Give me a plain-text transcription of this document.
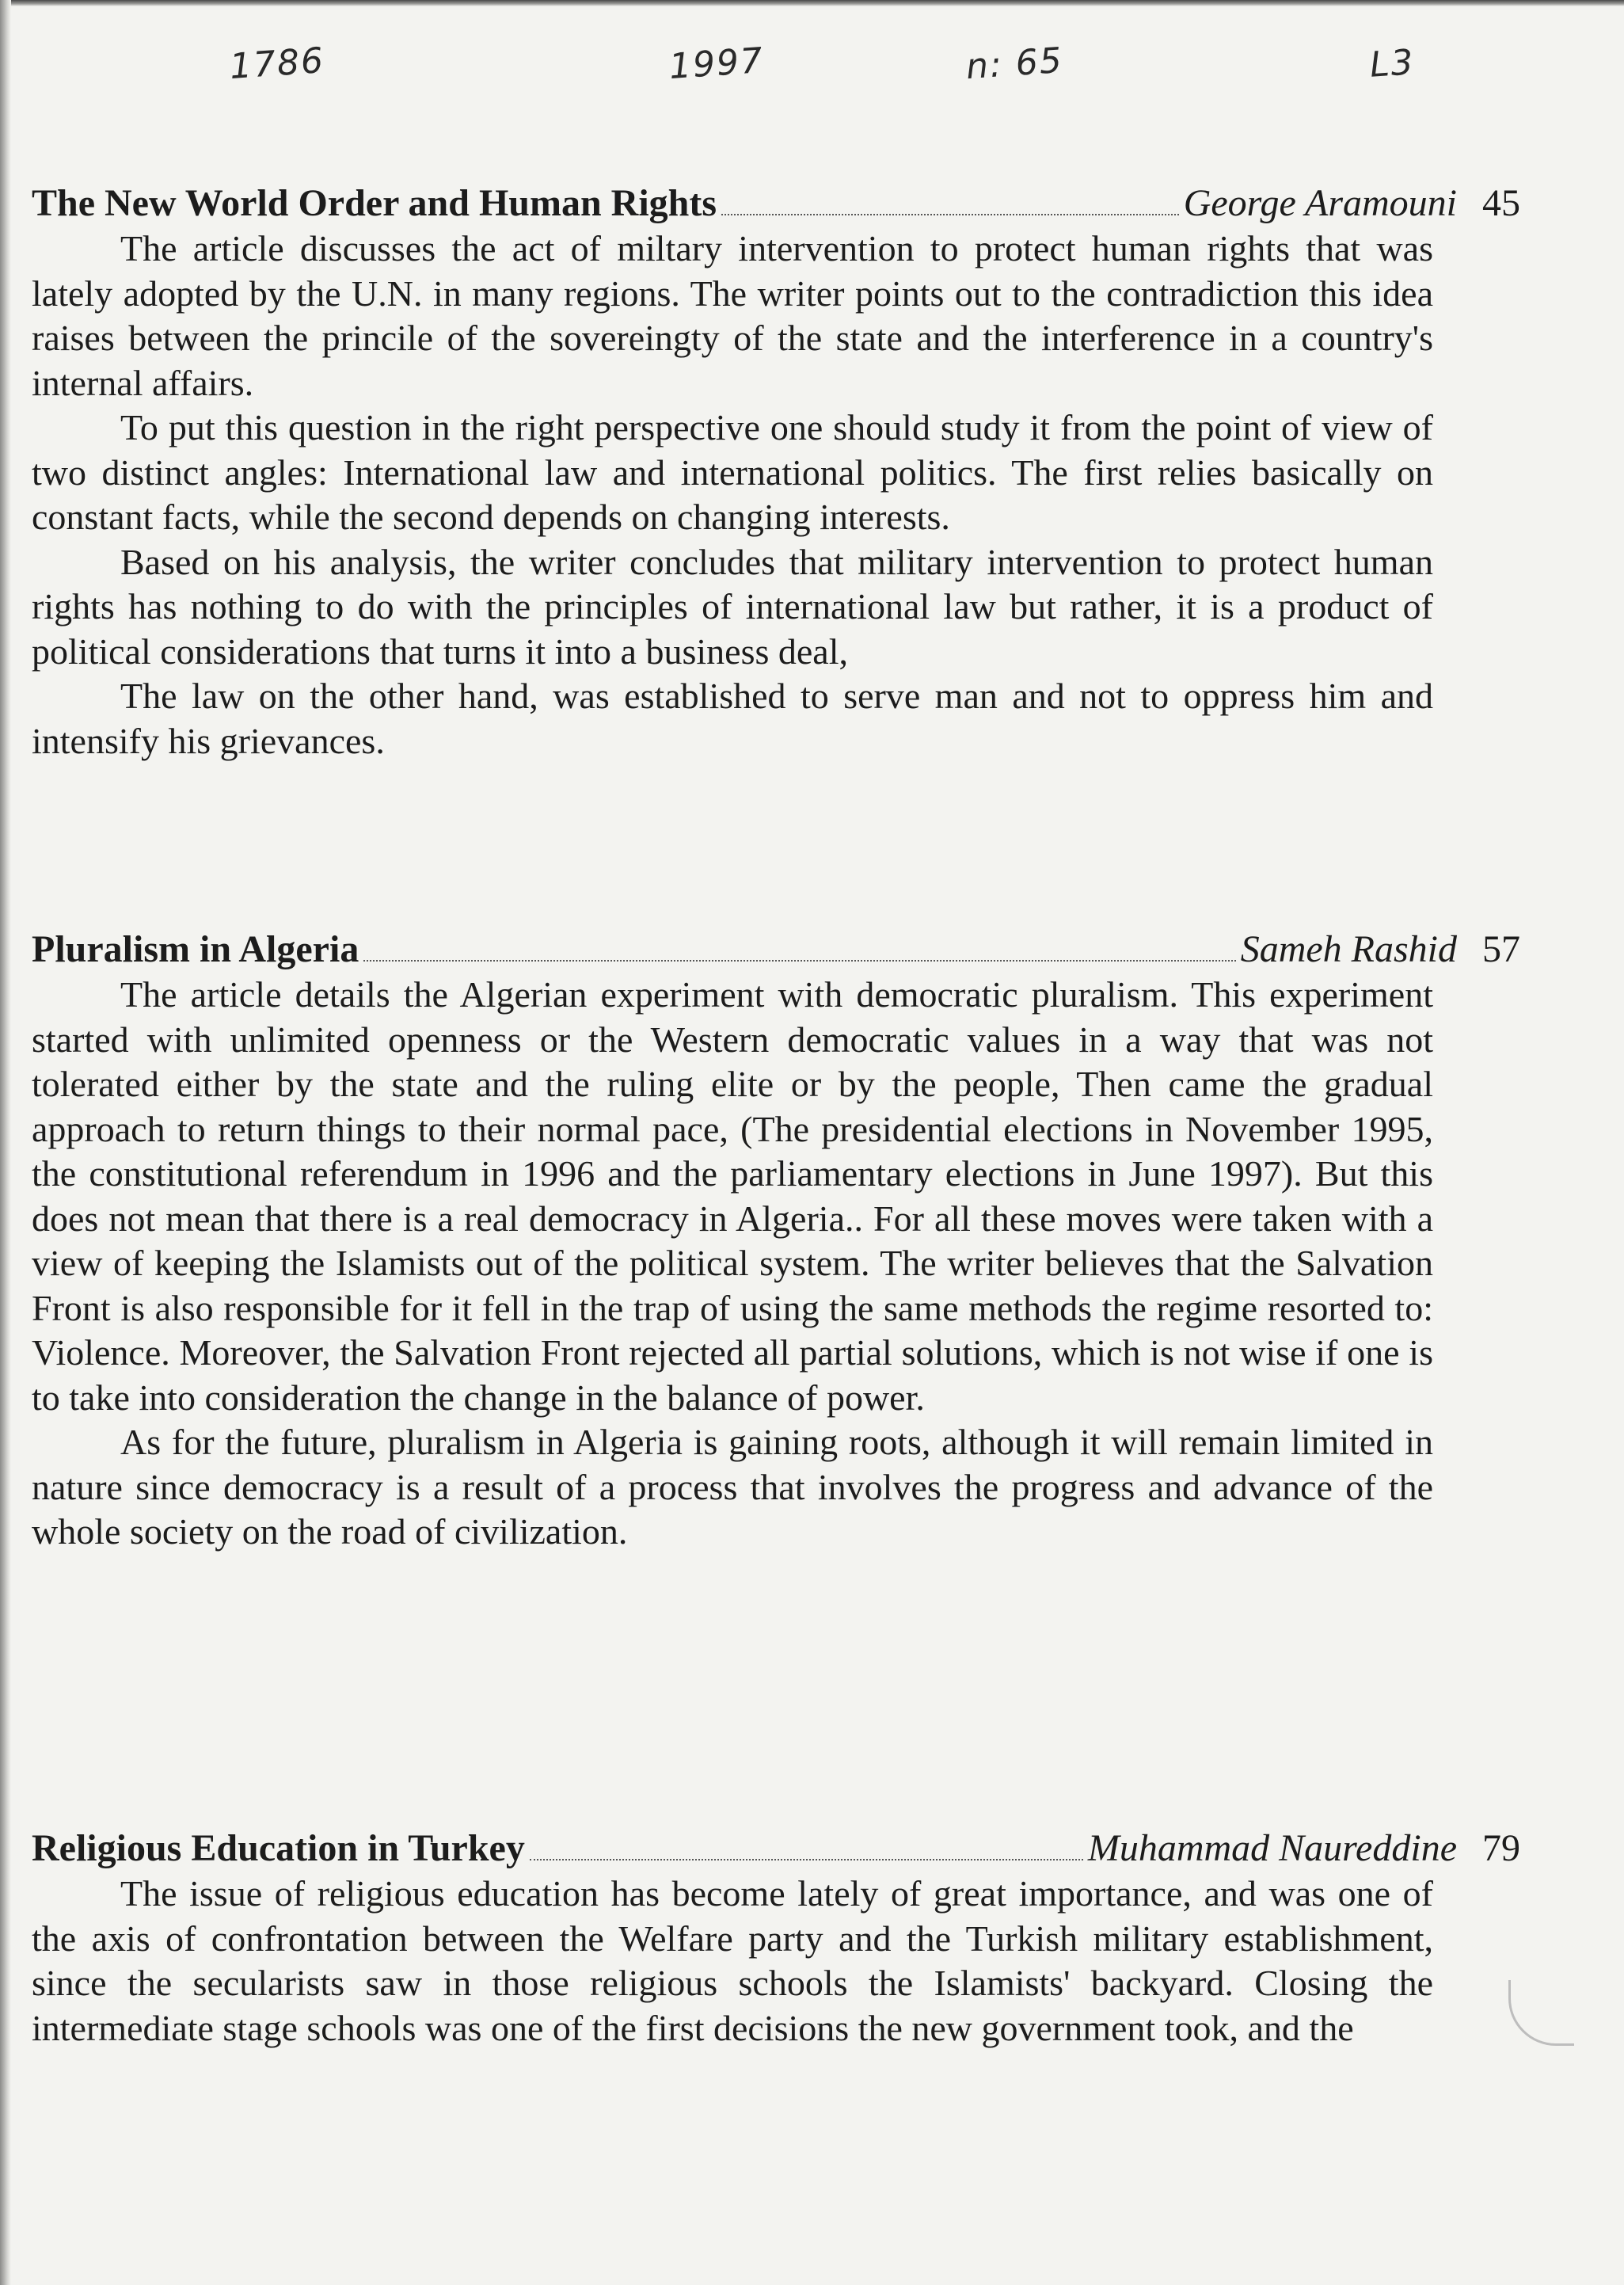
1786	1997	n: 65	L3
The New World Order and Human Rights	George Aramouni 45

The article discusses the act of miltary intervention to protect human rights that was lately adopted by the U.N. in many regions. The writer points out to the contradiction this idea raises between the princile of the sovereingty of the state and the interference in a country's internal affairs.

To put this question in the right perspective one should study it from the point of view of two distinct angles: International law and international politics. The first relies basically on constant facts, while the second depends on changing interests.

Based on his analysis, the writer concludes that military intervention to protect human rights has nothing to do with the principles of international law but rather, it is a product of political considerations that turns it into a business deal,

The law on the other hand, was established to serve man and not to oppress him and intensify his grievances.

Pluralism in Algeria	Sameh Rashid 57

The article details the Algerian experiment with democratic pluralism. This experiment started with unlimited openness or the Western democratic values in a way that was not tolerated either by the state and the ruling elite or by the people, Then came the gradual approach to return things to their normal pace, (The presidential elections in November 1995, the constitutional referendum in 1996 and the parliamentary elections in June 1997). But this does not mean that there is a real democracy in Algeria.. For all these moves were taken with a view of keeping the Islamists out of the political system. The writer believes that the Salvation Front is also responsible for it fell in the trap of using the same methods the regime resorted to: Violence. Moreover, the Salvation Front rejected all partial solutions, which is not wise if one is to take into consideration the change in the balance of power.

As for the future, pluralism in Algeria is gaining roots, although it will remain limited in nature since democracy is a result of a process that involves the progress and advance of the whole society on the road of civilization.

Religious Education in Turkey	Muhammad Naureddine 79

The issue of religious education has become lately of great importance, and was one of the axis of confrontation between the Welfare party and the Turkish military establishment, since the secularists saw in those religious schools the Islamists' backyard. Closing the intermediate stage schools was one of the first decisions the new government took, and the
